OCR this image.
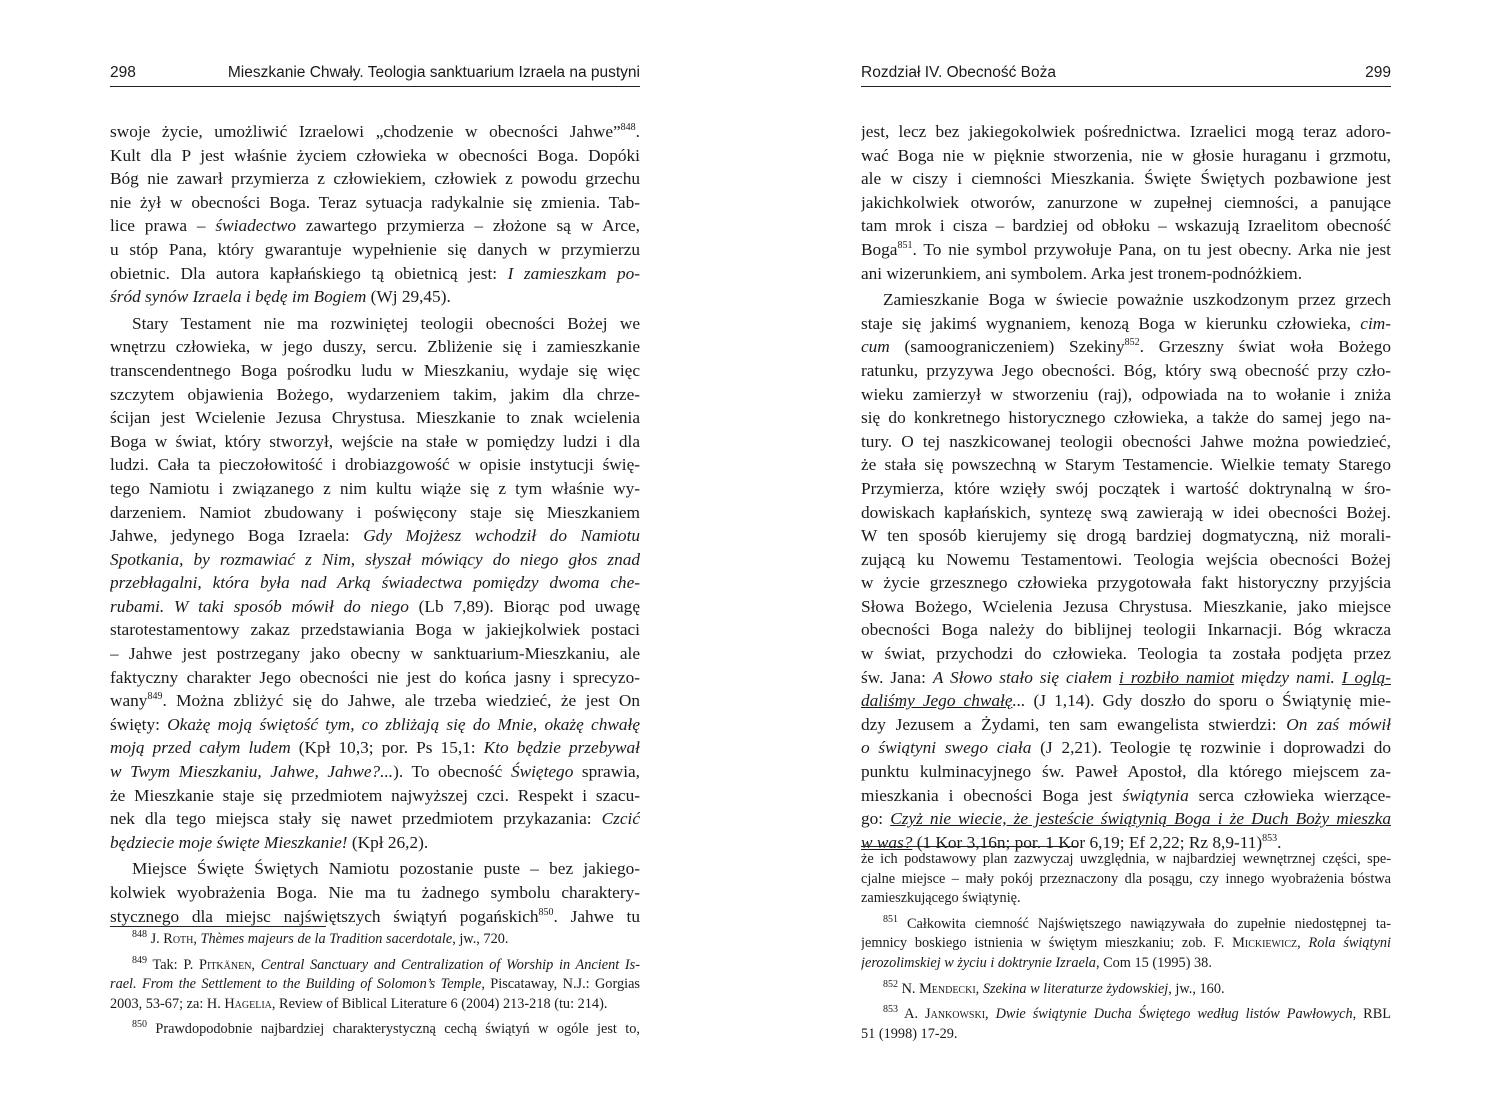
298	Mieszkanie Chwały. Teologia sanktuarium Izraela na pustyni
swoje życie, umożliwić Izraelowi „chodzenie w obecności Jahwe”$^{848}$.
Kult dla P jest właśnie życiem człowieka w obecności Boga. Dopóki
Bóg nie zawarł przymierza z człowiekiem, człowiek z powodu grzechu
nie żył w obecności Boga. Teraz sytuacja radykalnie się zmienia. Tab-
lice prawa – świadectwo zawartego przymierza – złożone są w Arce,
u stóp Pana, który gwarantuje wypełnienie się danych w przymierzu
obietnic. Dla autora kapłańskiego tą obietnicą jest: I zamieszkam po-
śród synów Izraela i będę im Bogiem (Wj 29,45).
Stary Testament nie ma rozwiniętej teologii obecności Bożej we
wnętrzu człowieka, w jego duszy, sercu. Zbliżenie się i zamieszkanie
transcendentnego Boga pośrodku ludu w Mieszkaniu, wydaje się więc
szczytem objawienia Bożego, wydarzeniem takim, jakim dla chrze-
ścijan jest Wcielenie Jezusa Chrystusa. Mieszkanie to znak wcielenia
Boga w świat, który stworzył, wejście na stałe w pomiędzy ludzi i dla
ludzi. Cała ta pieczołowitość i drobiazgowość w opisie instytucji świę-
tego Namiotu i związanego z nim kultu wiąże się z tym właśnie wy-
darzeniem. Namiot zbudowany i poświęcony staje się Mieszkaniem
Jahwe, jedynego Boga Izraela: Gdy Mojżesz wchodził do Namiotu
Spotkania, by rozmawiać z Nim, słyszał mówiący do niego głos znad
przebłagalni, która była nad Arką świadectwa pomiędzy dwoma che-
rubami. W taki sposób mówił do niego (Lb 7,89). Biorąc pod uwagę
starotestamentowy zakaz przedstawiania Boga w jakiejkolwiek postaci
– Jahwe jest postrzegany jako obecny w sanktuarium-Mieszkaniu, ale
faktyczny charakter Jego obecności nie jest do końca jasny i sprecyzo-
wany$^{849}$. Można zbliżyć się do Jahwe, ale trzeba wiedzieć, że jest On
święty: Okażę moją świętość tym, co zbliżają się do Mnie, okażę chwałę
moją przed całym ludem (Kpł 10,3; por. Ps 15,1: Kto będzie przebywał
w Twym Mieszkaniu, Jahwe, Jahwe?...). To obecność Świętego sprawia,
że Mieszkanie staje się przedmiotem najwyższej czci. Respekt i szacu-
nek dla tego miejsca stały się nawet przedmiotem przykazania: Czcić
będziecie moje święte Mieszkanie! (Kpł 26,2).
Miejsce Święte Świętych Namiotu pozostanie puste – bez jakiego-
kolwiek wyobrażenia Boga. Nie ma tu żadnego symbolu charaktery-
stycznego dla miejsc najświętszych świątyń pogańskich$^{850}$. Jahwe tu
$^{848}$ J. Roth, Thèmes majeurs de la Tradition sacerdotale, jw., 720.
$^{849}$ Tak: P. Pitkänen, Central Sanctuary and Centralization of Worship in Ancient Is-
rael. From the Settlement to the Building of Solomon’s Temple, Piscataway, N.J.: Gorgias
2003, 53-67; za: H. Hagelia, Review of Biblical Literature 6 (2004) 213-218 (tu: 214).
$^{850}$ Prawdopodobnie najbardziej charakterystyczną cechą świątyń w ogóle jest to,
Rozdział IV. Obecność Boża	299
jest, lecz bez jakiegokolwiek pośrednictwa. Izraelici mogą teraz adoro-
wać Boga nie w pięknie stworzenia, nie w głosie huraganu i grzmotu,
ale w ciszy i ciemności Mieszkania. Święte Świętych pozbawione jest
jakichkolwiek otworów, zanurzone w zupełnej ciemności, a panujące
tam mrok i cisza – bardziej od obłoku – wskazują Izraelitom obecność
Boga$^{851}$. To nie symbol przywołuje Pana, on tu jest obecny. Arka nie jest
ani wizerunkiem, ani symbolem. Arka jest tronem-podnóżkiem.
Zamieszkanie Boga w świecie poważnie uszkodzonym przez grzech
staje się jakimś wygnaniem, kenozą Boga w kierunku człowieka, cim-
cum (samoograniczeniem) Szekiny$^{852}$. Grzeszny świat woła Bożego
ratunku, przyzywa Jego obecności. Bóg, który swą obecność przy czło-
wieku zamierzył w stworzeniu (raj), odpowiada na to wołanie i zniża
się do konkretnego historycznego człowieka, a także do samej jego na-
tury. O tej naszkicowanej teologii obecności Jahwe można powiedzieć,
że stała się powszechną w Starym Testamencie. Wielkie tematy Starego
Przymierza, które wzięły swój początek i wartość doktrynalną w śro-
dowiskach kapłańskich, syntezę swą zawierają w idei obecności Bożej.
W ten sposób kierujemy się drogą bardziej dogmatyczną, niż morali-
zującą ku Nowemu Testamentowi. Teologia wejścia obecności Bożej
w życie grzesznego człowieka przygotowała fakt historyczny przyjścia
Słowa Bożego, Wcielenia Jezusa Chrystusa. Mieszkanie, jako miejsce
obecności Boga należy do biblijnej teologii Inkarnacji. Bóg wkracza
w świat, przychodzi do człowieka. Teologia ta została podjęta przez
św. Jana: A Słowo stało się ciałem i rozbiło namiot między nami. I oglą-
daliśmy Jego chwałę... (J 1,14). Gdy doszło do sporu o Świątynię mie-
dzy Jezusem a Żydami, ten sam ewangelista stwierdzi: On zaś mówił
o świątyni swego ciała (J 2,21). Teologie tę rozwinie i doprowadzi do
punktu kulminacyjnego św. Paweł Apostoł, dla którego miejscem za-
mieszkania i obecności Boga jest świątynia serca człowieka wierzące-
go: Czyż nie wiecie, że jesteście świątynią Boga i że Duch Boży mieszka
w was? (1 Kor 3,16n; por. 1 Kor 6,19; Ef 2,22; Rz 8,9-11)$^{853}$.
że ich podstawowy plan zazwyczaj uwzględnia, w najbardziej wewnętrznej części, spe-
cjalne miejsce – mały pokój przeznaczony dla posągu, czy innego wyobrażenia bóstwa
zamieszkującego świątynię.
$^{851}$ Całkowita ciemność Najświętszego nawiązywała do zupełnie niedostępnej ta-
jemnicy boskiego istnienia w świętym mieszkaniu; zob. F. Mickiewicz, Rola świątyni
jerozolimskiej w życiu i doktrynie Izraela, Com 15 (1995) 38.
$^{852}$ N. Mendecki, Szekina w literaturze żydowskiej, jw., 160.
$^{853}$ A. Jankowski, Dwie świątynie Ducha Świętego według listów Pawłowych, RBL
51 (1998) 17-29.
